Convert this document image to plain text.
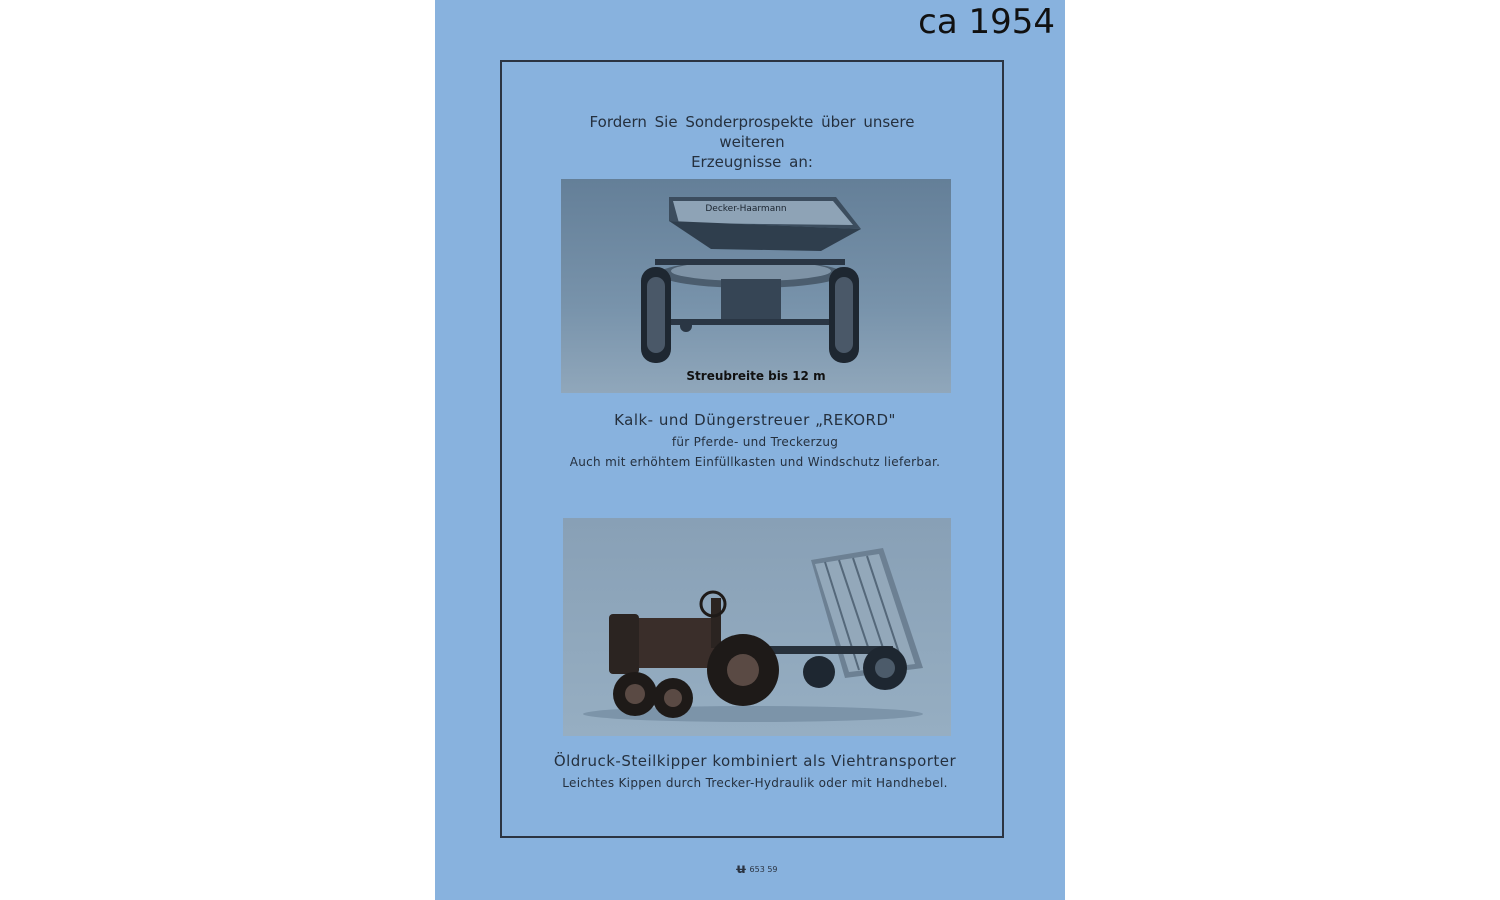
ca 1954
Fordern Sie Sonderprospekte über unsere weiteren
Erzeugnisse an:
Decker-Haarmann
Streubreite bis 12 m
Kalk- und Düngerstreuer „REKORD"
für Pferde- und Treckerzug
Auch mit erhöhtem Einfüllkasten und Windschutz lieferbar.
Öldruck-Steilkipper kombiniert als Viehtransporter
Leichtes Kippen durch Trecker-Hydraulik oder mit Handhebel.
ʉ 653 59
